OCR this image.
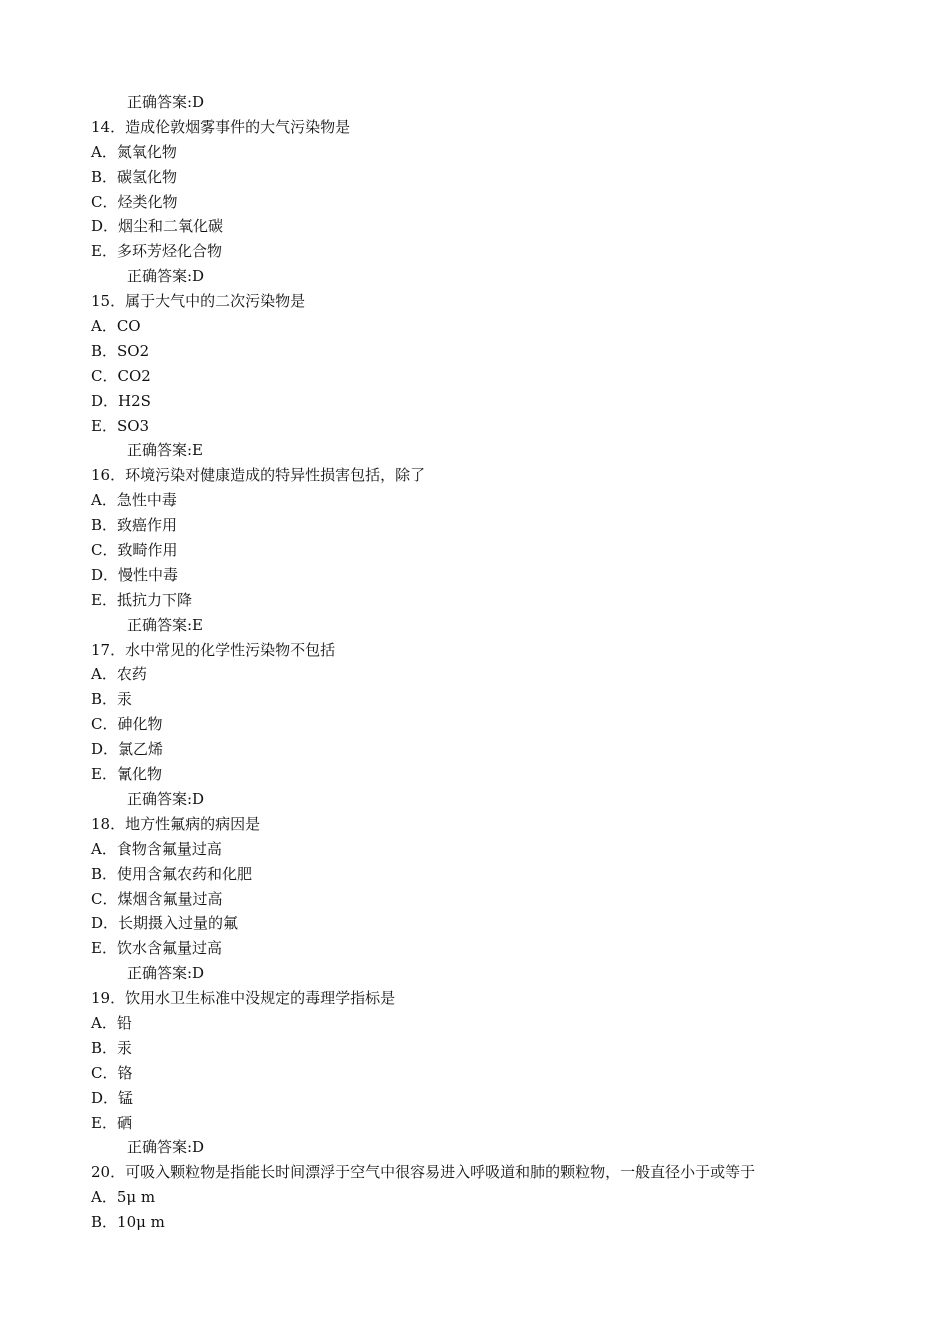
正确答案:D
14．造成伦敦烟雾事件的大气污染物是
A．氮氧化物
B．碳氢化物
C．烃类化物
D．烟尘和二氧化碳
E．多环芳烃化合物
正确答案:D
15．属于大气中的二次污染物是
A．CO
B．SO2
C．CO2
D．H2S
E．SO3
正确答案:E
16．环境污染对健康造成的特异性损害包括，除了
A．急性中毒
B．致癌作用
C．致畸作用
D．慢性中毒
E．抵抗力下降
正确答案:E
17．水中常见的化学性污染物不包括
A．农药
B．汞
C．砷化物
D．氯乙烯
E．氰化物
正确答案:D
18．地方性氟病的病因是
A．食物含氟量过高
B．使用含氟农药和化肥
C．煤烟含氟量过高
D．长期摄入过量的氟
E．饮水含氟量过高
正确答案:D
19．饮用水卫生标准中没规定的毒理学指标是
A．铅
B．汞
C．铬
D．锰
E．硒
正确答案:D
20．可吸入颗粒物是指能长时间漂浮于空气中很容易进入呼吸道和肺的颗粒物，一般直径小于或等于
A．5μ m
B．10μ m
